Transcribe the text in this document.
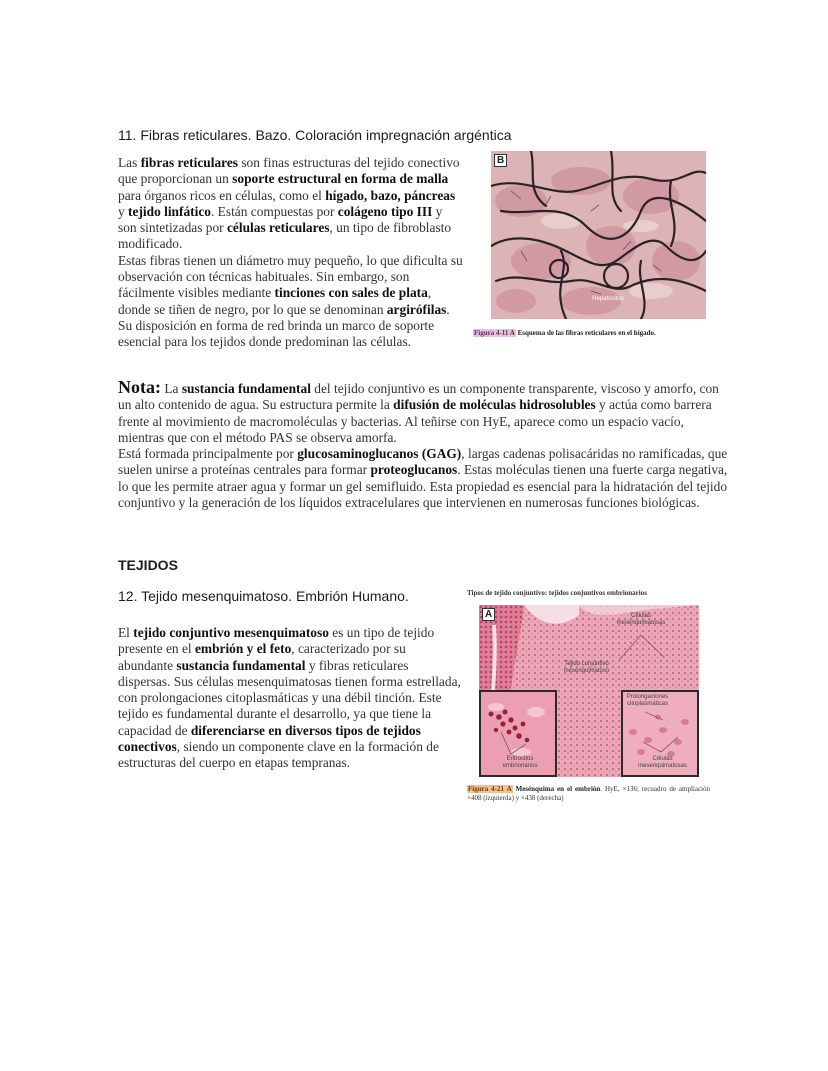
11. Fibras reticulares. Bazo. Coloración impregnación argéntica
Las fibras reticulares son finas estructuras del tejido conectivo que proporcionan un soporte estructural en forma de malla para órganos ricos en células, como el hígado, bazo, páncreas y tejido linfático. Están compuestas por colágeno tipo III y son sintetizadas por células reticulares, un tipo de fibroblasto modificado.
Estas fibras tienen un diámetro muy pequeño, lo que dificulta su observación con técnicas habituales. Sin embargo, son fácilmente visibles mediante tinciones con sales de plata, donde se tiñen de negro, por lo que se denominan argirófilas. Su disposición en forma de red brinda un marco de soporte esencial para los tejidos donde predominan las células.
B
Hepatocitos
Figura 4-11 A Esquema de las fibras reticulares en el hígado.
Nota: La sustancia fundamental del tejido conjuntivo es un componente transparente, viscoso y amorfo, con un alto contenido de agua. Su estructura permite la difusión de moléculas hidrosolubles y actúa como barrera frente al movimiento de macromoléculas y bacterias. Al teñirse con HyE, aparece como un espacio vacío, mientras que con el método PAS se observa amorfa.
Está formada principalmente por glucosaminoglucanos (GAG), largas cadenas polisacáridas no ramificadas, que suelen unirse a proteínas centrales para formar proteoglucanos. Estas moléculas tienen una fuerte carga negativa, lo que les permite atraer agua y formar un gel semifluido. Esta propiedad es esencial para la hidratación del tejido conjuntivo y la generación de los líquidos extracelulares que intervienen en numerosas funciones biológicas.
TEJIDOS
12. Tejido mesenquimatoso. Embrión Humano.
El tejido conjuntivo mesenquimatoso es un tipo de tejido presente en el embrión y el feto, caracterizado por su abundante sustancia fundamental y fibras reticulares dispersas. Sus células mesenquimatosas tienen forma estrellada, con prolongaciones citoplasmáticas y una débil tinción. Este tejido es fundamental durante el desarrollo, ya que tiene la capacidad de diferenciarse en diversos tipos de tejidos conectivos, siendo un componente clave en la formación de estructuras del cuerpo en etapas tempranas.
Tipos de tejido conjuntivo: tejidos conjuntivos embrionarios
A	Células mesenquimatosas
Tejido conjuntivo mesenquimatoso
Eritrocitos embrionarios
Prolongaciones citoplasmáticas
Células mesenquimatosas
Figura 4-21 A Mesénquima en el embrión. HyE, ×136; recuadro de ampliación ×408 (izquierda) y ×438 (derecha)
